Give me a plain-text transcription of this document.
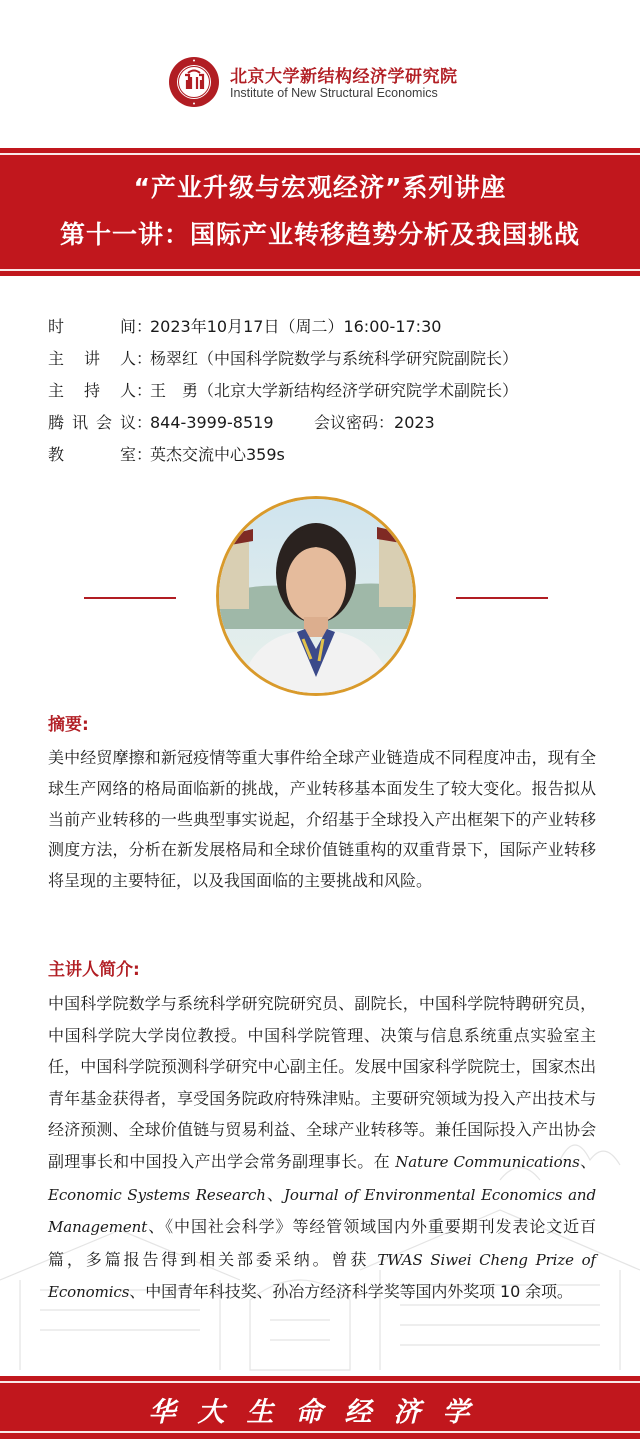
北京大学新结构经济学研究院
Institute of New Structural Economics
“产业升级与宏观经济”系列讲座
第十一讲：国际产业转移趋势分析及我国挑战
时 间：2023年10月17日（周二）16:00-17:30
主讲人：杨翠红（中国科学院数学与系统科学研究院副院长）
主持人：王　勇（北京大学新结构经济学研究院学术副院长）
腾讯会议：844-3999-8519	会议密码：2023
教 室：英杰交流中心359s
摘要:
美中经贸摩擦和新冠疫情等重大事件给全球产业链造成不同程度冲击，现有全球生产网络的格局面临新的挑战，产业转移基本面发生了较大变化。报告拟从当前产业转移的一些典型事实说起，介绍基于全球投入产出框架下的产业转移测度方法，分析在新发展格局和全球价值链重构的双重背景下，国际产业转移将呈现的主要特征，以及我国面临的主要挑战和风险。
主讲人简介:
中国科学院数学与系统科学研究院研究员、副院长，中国科学院特聘研究员，中国科学院大学岗位教授。中国科学院管理、决策与信息系统重点实验室主任，中国科学院预测科学研究中心副主任。发展中国家科学院院士，国家杰出青年基金获得者，享受国务院政府特殊津贴。主要研究领域为投入产出技术与经济预测、全球价值链与贸易利益、全球产业转移等。兼任国际投入产出协会副理事长和中国投入产出学会常务副理事长。在 Nature Communications、Economic Systems Research、Journal of Environmental Economics and Management、《中国社会科学》等经管领域国内外重要期刊发表论文近百篇，多篇报告得到相关部委采纳。曾获 TWAS Siwei Cheng Prize of Economics、中国青年科技奖、孙冶方经济科学奖等国内外奖项 10 余项。
华大生命经济学
